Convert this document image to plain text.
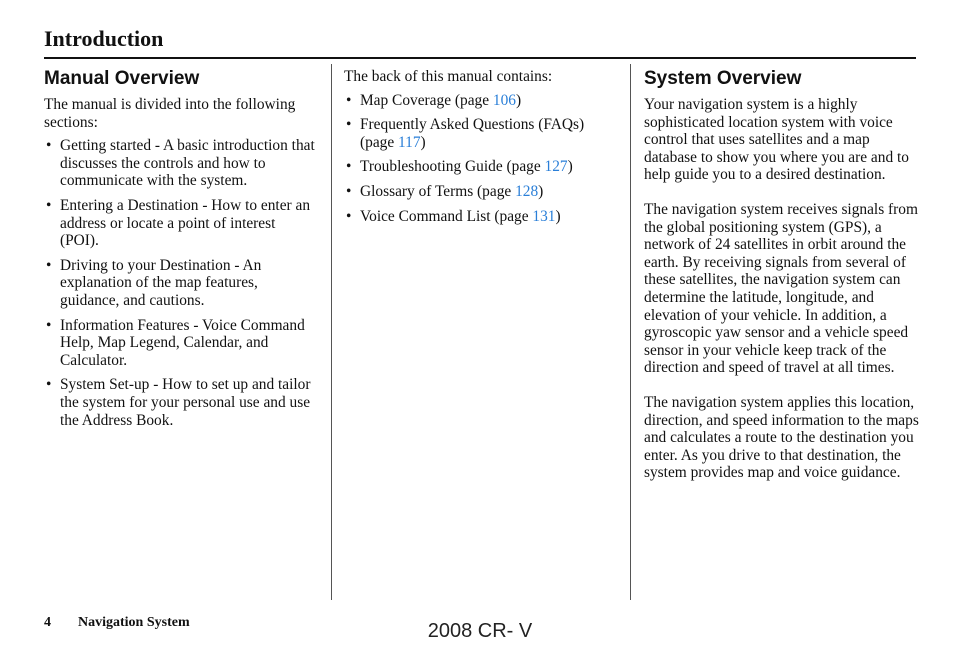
Introduction
Manual Overview

The manual is divided into the following sections:

• Getting started - A basic introduction that discusses the controls and how to communicate with the system.
• Entering a Destination - How to enter an address or locate a point of interest (POI).
• Driving to your Destination - An explanation of the map features, guidance, and cautions.
• Information Features - Voice Command Help, Map Legend, Calendar, and Calculator.
• System Set-up - How to set up and tailor the system for your personal use and use the Address Book.

The back of this manual contains:

• Map Coverage (page 106)
• Frequently Asked Questions (FAQs) (page 117)
• Troubleshooting Guide (page 127)
• Glossary of Terms (page 128)
• Voice Command List (page 131)
System Overview

Your navigation system is a highly sophisticated location system with voice control that uses satellites and a map database to show you where you are and to help guide you to a desired destination.

The navigation system receives signals from the global positioning system (GPS), a network of 24 satellites in orbit around the earth. By receiving signals from several of these satellites, the navigation system can determine the latitude, longitude, and elevation of your vehicle. In addition, a gyroscopic yaw sensor and a vehicle speed sensor in your vehicle keep track of the direction and speed of travel at all times.

The navigation system applies this location, direction, and speed information to the maps and calculates a route to the destination you enter. As you drive to that destination, the system provides map and voice guidance.

4 Navigation System	2008 CR- V
